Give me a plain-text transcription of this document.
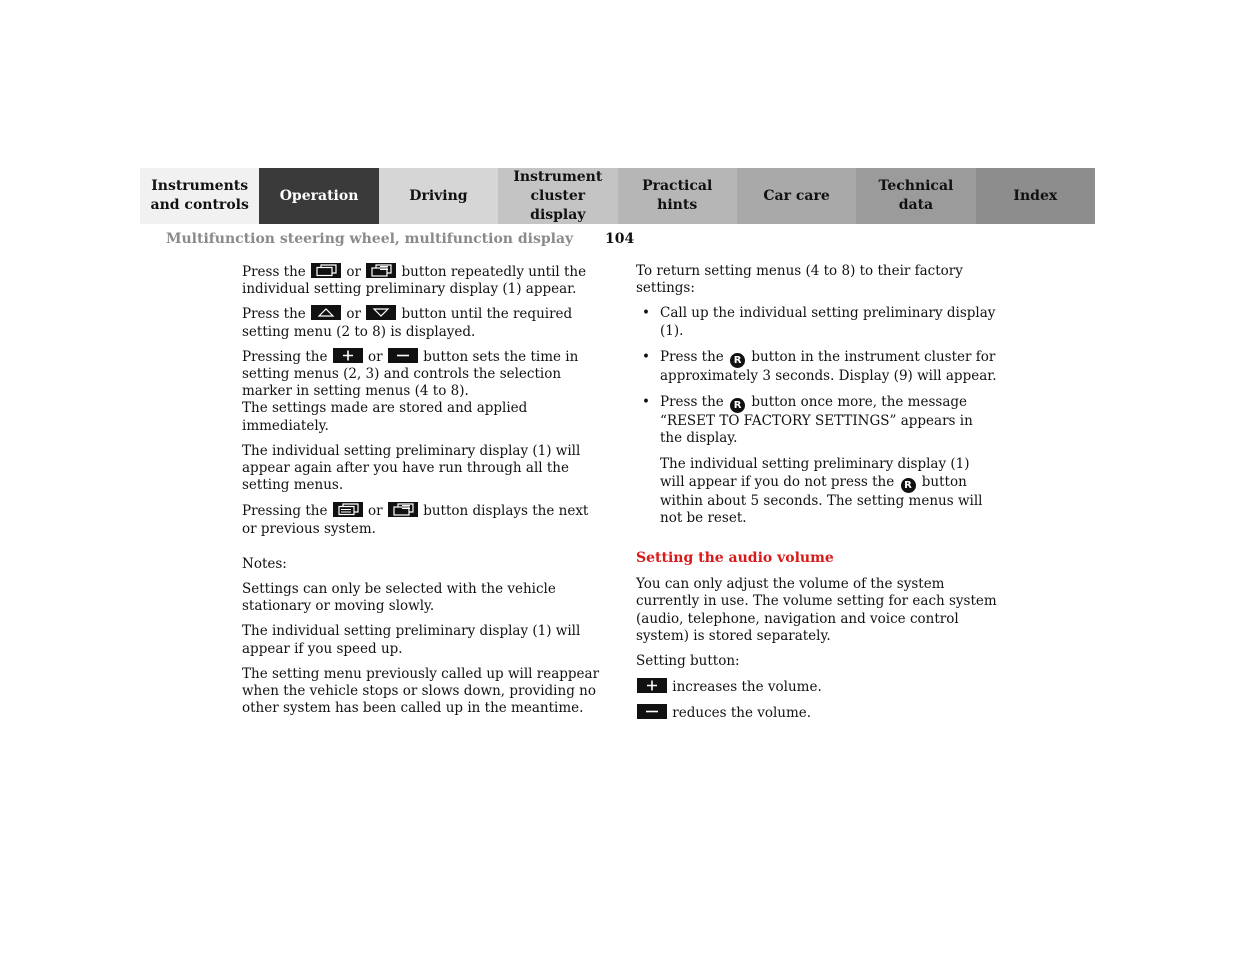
Instruments and controls
Operation	Driving
Instrument cluster display
Practical hints
Car care
Technical data
Index
Multifunction steering wheel, multifunction display 104

Press the
or
button repeatedly until the individual setting preliminary display (1) appear.

Press the
or
button until the required setting menu (2 to 8) is displayed.

Pressing the
or
button sets the time in setting menus (2, 3) and controls the selection marker in setting menus (4 to 8).
The settings made are stored and applied immediately.

The individual setting preliminary display (1) will appear again after you have run through all the setting menus.

Pressing the
or
button displays the next or previous system.

Notes:

Settings can only be selected with the vehicle stationary or moving slowly.

The individual setting preliminary display (1) will appear if you speed up.

The setting menu previously called up will reappear when the vehicle stops or slows down, providing no other system has been called up in the meantime.

To return setting menus (4 to 8) to their factory settings:

• Call up the individual setting preliminary display (1).
• Press the R button in the instrument cluster for approximately 3 seconds. Display (9) will appear.
• Press the R button once more, the message “RESET TO FACTORY SETTINGS” appears in the display.

The individual setting preliminary display (1) will appear if you do not press the R button within about 5 seconds. The setting menus will not be reset.

Setting the audio volume

You can only adjust the volume of the system currently in use. The volume setting for each system (audio, telephone, navigation and voice control system) is stored separately.

Setting button:

increases the volume.

reduces the volume.
